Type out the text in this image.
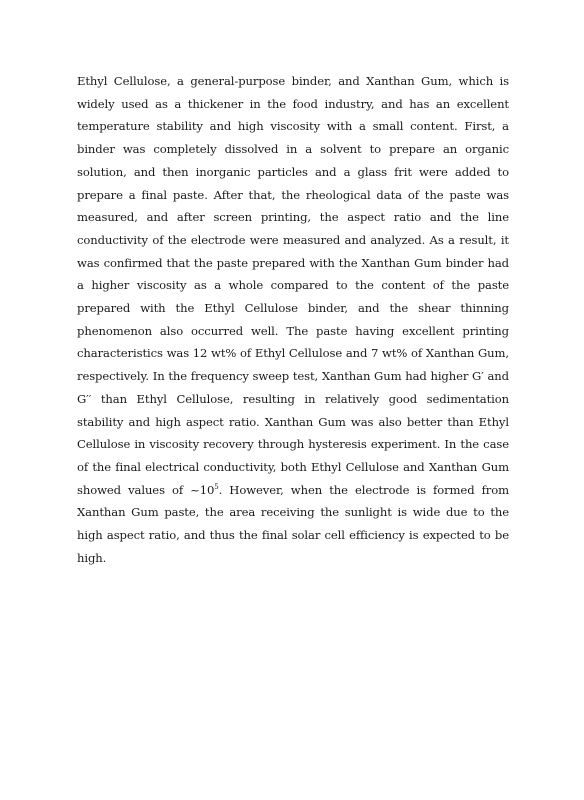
Ethyl Cellulose, a general-purpose binder, and Xanthan Gum, which is widely used as a thickener in the food industry, and has an excellent temperature stability and high viscosity with a small content. First, a binder was completely dissolved in a solvent to prepare an organic solution, and then inorganic particles and a glass frit were added to prepare a final paste. After that, the rheological data of the paste was measured, and after screen printing, the aspect ratio and the line conductivity of the electrode were measured and analyzed. As a result, it was confirmed that the paste prepared with the Xanthan Gum binder had a higher viscosity as a whole compared to the content of the paste prepared with the Ethyl Cellulose binder, and the shear thinning phenomenon also occurred well. The paste having excellent printing characteristics was 12 wt% of Ethyl Cellulose and 7 wt% of Xanthan Gum, respectively. In the frequency sweep test, Xanthan Gum had higher G′ and G′′ than Ethyl Cellulose, resulting in relatively good sedimentation stability and high aspect ratio. Xanthan Gum was also better than Ethyl Cellulose in viscosity recovery through hysteresis experiment. In the case of the final electrical conductivity, both Ethyl Cellulose and Xanthan Gum showed values of $\sim 10^5$. However, when the electrode is formed from Xanthan Gum paste, the area receiving the sunlight is wide due to the high aspect ratio, and thus the final solar cell efficiency is expected to be high.
